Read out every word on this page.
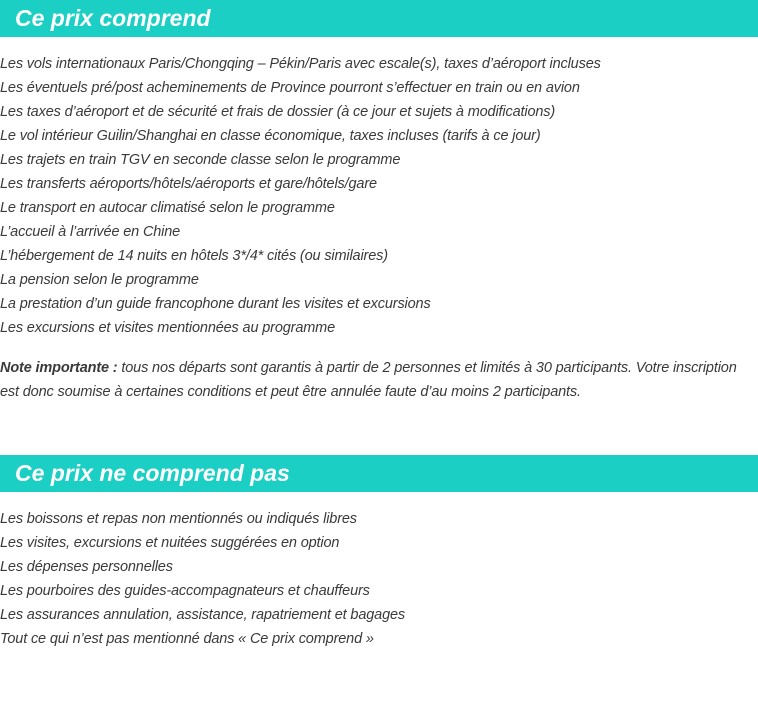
Ce prix comprend
Les vols internationaux Paris/Chongqing – Pékin/Paris avec escale(s), taxes d’aéroport incluses
Les éventuels pré/post acheminements de Province pourront s’effectuer en train ou en avion
Les taxes d’aéroport et de sécurité et frais de dossier (à ce jour et sujets à modifications)
Le vol intérieur Guilin/Shanghai en classe économique, taxes incluses (tarifs à ce jour)
Les trajets en train TGV en seconde classe selon le programme
Les transferts aéroports/hôtels/aéroports et gare/hôtels/gare
Le transport en autocar climatisé selon le programme
L’accueil à l’arrivée en Chine
L’hébergement de 14 nuits en hôtels 3*/4* cités (ou similaires)
La pension selon le programme
La prestation d’un guide francophone durant les visites et excursions
Les excursions et visites mentionnées au programme

Note importante : tous nos départs sont garantis à partir de 2 personnes et limités à 30 participants. Votre inscription est donc soumise à certaines conditions et peut être annulée faute d’au moins 2 participants.

Ce prix ne comprend pas
Les boissons et repas non mentionnés ou indiqués libres
Les visites, excursions et nuitées suggérées en option
Les dépenses personnelles
Les pourboires des guides-accompagnateurs et chauffeurs
Les assurances annulation, assistance, rapatriement et bagages
Tout ce qui n’est pas mentionné dans « Ce prix comprend »
